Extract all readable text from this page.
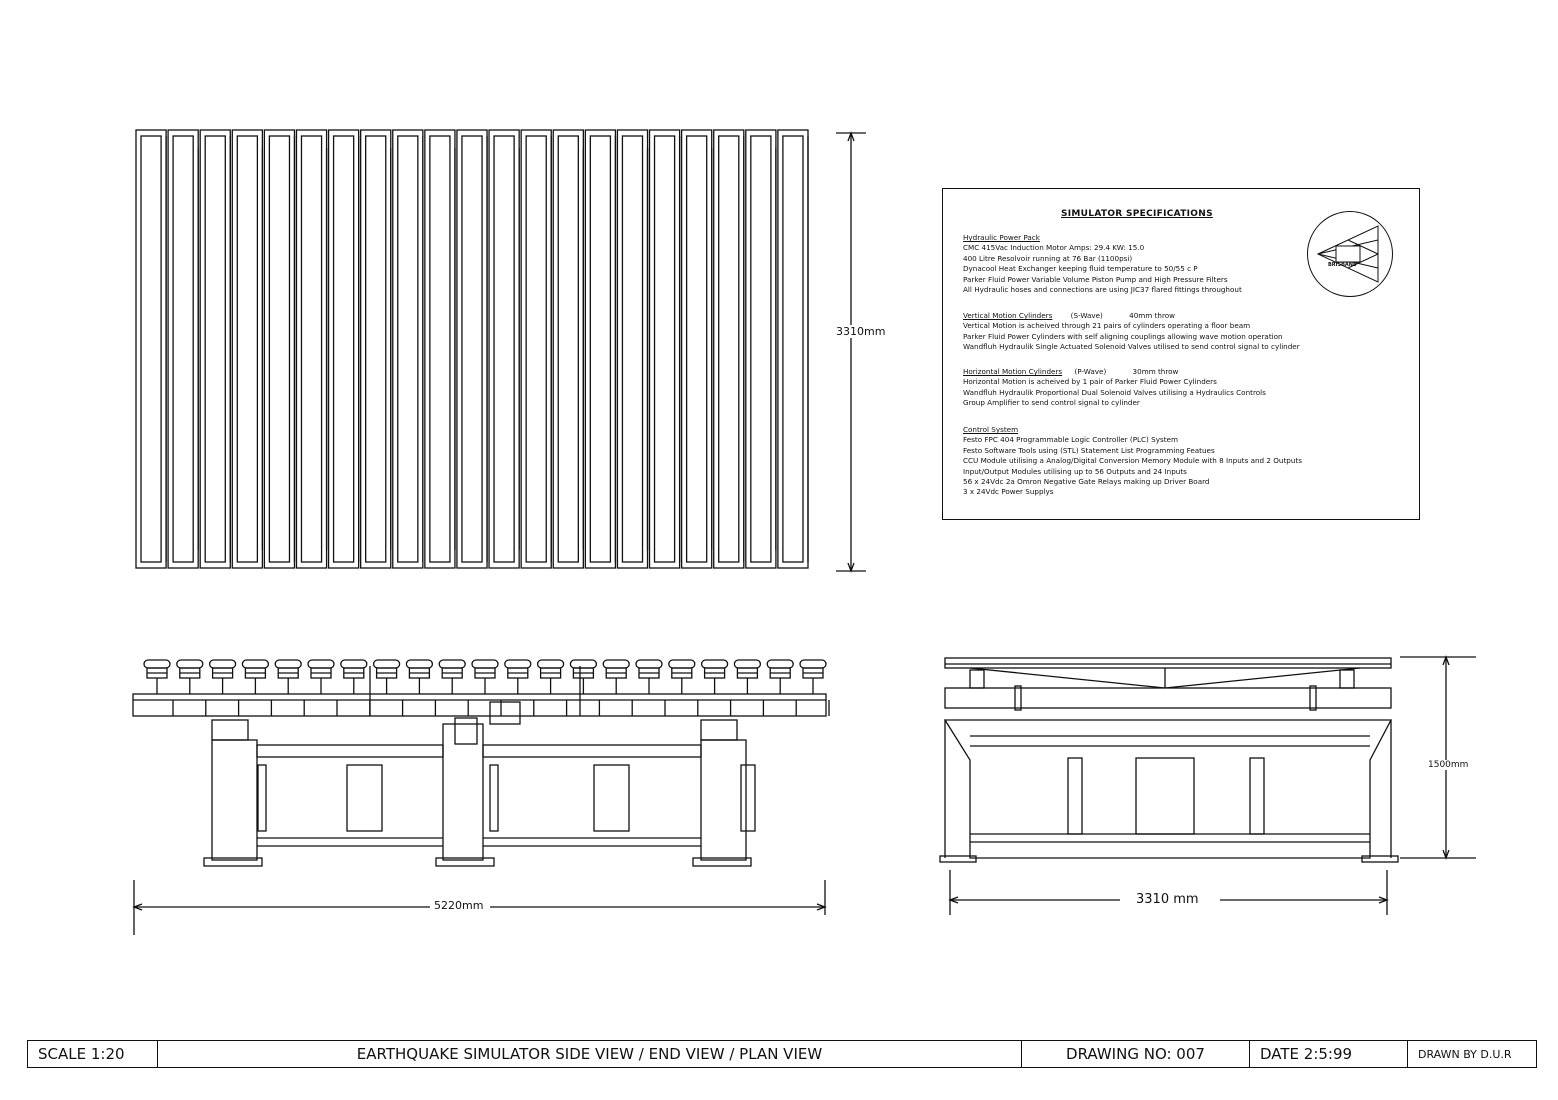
3310mm
5220mm	3310 mm
1500mm
SIMULATOR SPECIFICATIONS
BRISBANE
Hydraulic Power Pack
CMC 415Vac Induction Motor Amps: 29.4 KW: 15.0
400 Litre Resolvoir running at 76 Bar (1100psi)
Dynacool Heat Exchanger keeping fluid temperature to 50/55 c P
Parker Fluid Power Variable Volume Piston Pump and High Pressure Filters
All Hydraulic hoses and connections are using JIC37 flared fittings throughout
Vertical Motion Cylinders	(S-Wave)	40mm throw
Vertical Motion is acheived through 21 pairs of cylinders operating a floor beam
Parker Fluid Power Cylinders with self aligning couplings allowing wave motion operation
Wandfluh Hydraulik Single Actuated Solenoid Valves utilised to send control signal to cylinder
Horizontal Motion Cylinders (P-Wave)	30mm throw
Horizontal Motion is acheived by 1 pair of Parker Fluid Power Cylinders
Wandfluh Hydraulik Proportional Dual Solenoid Valves utilising a Hydraulics Controls
Group Amplifier to send control signal to cylinder
Control System
Festo FPC 404 Programmable Logic Controller (PLC) System
Festo Software Tools using (STL) Statement List Programming Featues
CCU Module utilising a Analog/Digital Conversion Memory Module with 8 Inputs and 2 Outputs
Input/Output Modules utilising up to 56 Outputs and 24 Inputs
56 x 24Vdc 2a Omron Negative Gate Relays making up Driver Board
3 x 24Vdc Power Supplys
SCALE 1:20	EARTHQUAKE SIMULATOR SIDE VIEW / END VIEW / PLAN VIEW	DRAWING NO: 007	DATE 2:5:99	DRAWN BY D.U.R
